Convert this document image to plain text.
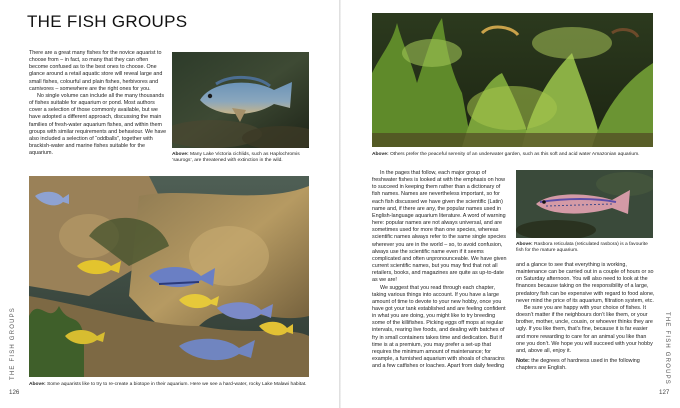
THE FISH GROUPS

There are a great many fishes for the novice aquarist to choose from – in fact, so many that they can often become confused as to the best ones to choose. One glance around a retail aquatic store will reveal large and small fishes, colourful and plain fishes, herbivores and carnivores – somewhere are the right ones for you.

No single volume can include all the many thousands of fishes suitable for aquarium or pond. Most authors cover a selection of those commonly available, but we have adopted a different approach, discussing the main families of fresh-water aquarium fishes, and within them groups with similar requirements and behaviour. We have also included a selection of “oddballs”, together with brackish-water and marine fishes suitable for the aquarium.	Above: Many Lake Victoria cichlids, such as Haplochromis ‘saurogs’, are threatened with extinction in the wild.

Above: Some aquarists like to try to re-create a biotope in their aquarium. Here we see a hard-water, rocky Lake Malawi habitat.

THE FISH GROUPS
126

Above: Others prefer the peaceful serenity of an underwater garden, such as this soft and acid water Amazonian aquarium.

In the pages that follow, each major group of freshwater fishes is looked at with the emphasis on how to succeed in keeping them rather than a dictionary of fish names. Names are nevertheless important, so for each fish discussed we have given the scientific (Latin) name and, if there are any, the popular names used in English-language aquarium literature. A word of warning here: popular names are not always universal, and are sometimes used for more than one species, whereas scientific names always refer to the same single species wherever you are in the world – so, to avoid confusion, always use the scientific name even if it seems complicated and often unpronounceable. We have given current scientific names, but you may find that not all retailers, books, and magazines are quite as up-to-date as we are!

We suggest that you read through each chapter, taking various things into account. If you have a large amount of time to devote to your new hobby, once you have got your tank established and are feeling confident in what you are doing, you might like to try breeding some of the killifishes. Picking eggs off mops at regular intervals, rearing live foods, and dealing with batches of fry in small containers takes time and dedication. But if time is at a premium, you may prefer a set-up that requires the minimum amount of maintenance; for example, a furnished aquarium with shoals of characins and a few catfishes or loaches. Apart from daily feeding

Above: Rasbora reticulata (reticulated rasbora) is a favourite fish for the mature aquarium.

and a glance to see that everything is working, maintenance can be carried out in a couple of hours or so on Saturday afternoon. You will also need to look at the finances because taking on the responsibility of a large, predatory fish can be expensive with regard to food alone, never mind the price of its aquarium, filtration system, etc.

Be sure you are happy with your choice of fishes. It doesn’t matter if the neighbours don’t like them, or your brother, mother, uncle, cousin, or whoever thinks they are ugly. If you like them, that’s fine, because it is far easier and more rewarding to care for an animal you like than one you don’t. We hope you will succeed with your hobby and, above all, enjoy it.

Note: the degrees of hardness used in the following chapters are English.	THE FISH GROUPS
127
